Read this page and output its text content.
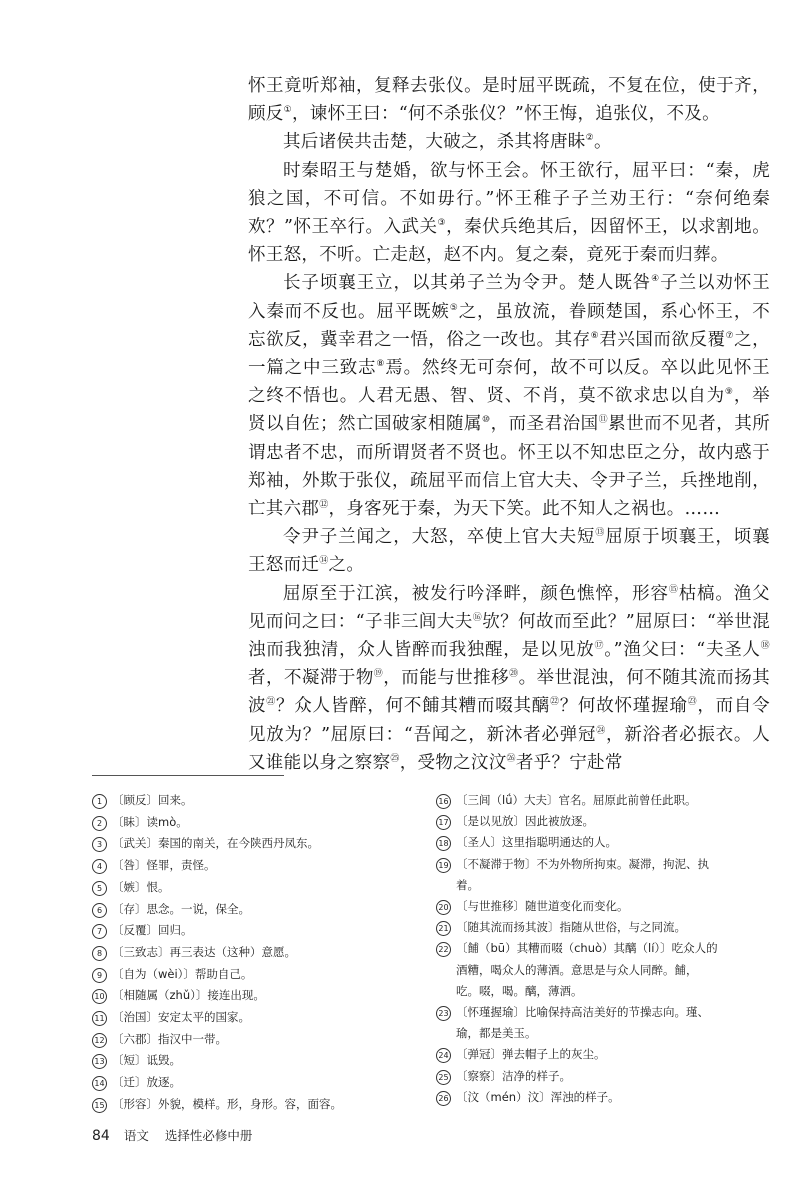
怀王竟听郑袖，复释去张仪。是时屈平既疏，不复在位，使于齐，顾反①，谏怀王曰：“何不杀张仪？”怀王悔，追张仪，不及。

其后诸侯共击楚，大破之，杀其将唐眛②。

时秦昭王与楚婚，欲与怀王会。怀王欲行，屈平曰：“秦，虎狼之国，不可信。不如毋行。”怀王稚子子兰劝王行：“奈何绝秦欢？”怀王卒行。入武关③，秦伏兵绝其后，因留怀王，以求割地。怀王怒，不听。亡走赵，赵不内。复之秦，竟死于秦而归葬。

长子顷襄王立，以其弟子兰为令尹。楚人既咎④子兰以劝怀王入秦而不反也。屈平既嫉⑤之，虽放流，眷顾楚国，系心怀王，不忘欲反，冀幸君之一悟，俗之一改也。其存⑥君兴国而欲反覆⑦之，一篇之中三致志⑧焉。然终无可奈何，故不可以反。卒以此见怀王之终不悟也。人君无愚、智、贤、不肖，莫不欲求忠以自为⑨，举贤以自佐；然亡国破家相随属⑩，而圣君治国⑪累世而不见者，其所谓忠者不忠，而所谓贤者不贤也。怀王以不知忠臣之分，故内惑于郑袖，外欺于张仪，疏屈平而信上官大夫、令尹子兰，兵挫地削，亡其六郡⑫，身客死于秦，为天下笑。此不知人之祸也。……

令尹子兰闻之，大怒，卒使上官大夫短⑬屈原于顷襄王，顷襄王怒而迁⑭之。

屈原至于江滨，被发行吟泽畔，颜色憔悴，形容⑮枯槁。渔父见而问之曰：“子非三闾大夫⑯欤？何故而至此？”屈原曰：“举世混浊而我独清，众人皆醉而我独醒，是以见放⑰。”渔父曰：“夫圣人⑱者，不凝滞于物⑲，而能与世推移⑳。举世混浊，何不随其流而扬其波$^㉑$？众人皆醉，何不餔其糟而啜其醨$^㉒$？何故怀瑾握瑜$^㉓$，而自令见放为？”屈原曰：“吾闻之，新沐者必弹冠$^㉔$，新浴者必振衣。人又谁能以身之察察$^㉕$，受物之汶汶$^㉖$者乎？宁赴常

1 〔顾反〕回来。
2 〔眛〕读mò。
3 〔武关〕秦国的南关，在今陕西丹凤东。
4 〔咎〕怪罪，责怪。
5 〔嫉〕恨。
6 〔存〕思念。一说，保全。
7 〔反覆〕回归。
8 〔三致志〕再三表达（这种）意愿。
9 〔自为（wèi）〕帮助自己。
10 〔相随属（zhǔ）〕接连出现。
11 〔治国〕安定太平的国家。
12 〔六郡〕指汉中一带。
13 〔短〕诋毁。
14 〔迁〕放逐。
15 〔形容〕外貌，模样。形，身形。容，面容。
16 〔三闾（lǘ）大夫〕官名。屈原此前曾任此职。
17 〔是以见放〕因此被放逐。
18 〔圣人〕这里指聪明通达的人。
19 〔不凝滞于物〕不为外物所拘束。凝滞，拘泥、执着。
20 〔与世推移〕随世道变化而变化。
21 〔随其流而扬其波〕指随从世俗，与之同流。
22 〔餔（bū）其糟而啜（chuò）其醨（lí）〕吃众人的酒糟，喝众人的薄酒。意思是与众人同醉。餔，吃。啜，喝。醨，薄酒。
23 〔怀瑾握瑜〕比喻保持高洁美好的节操志向。瑾、瑜，都是美玉。
24 〔弹冠〕弹去帽子上的灰尘。
25 〔察察〕洁净的样子。
26 〔汶（mén）汶〕浑浊的样子。
84 语文 选择性必修中册
